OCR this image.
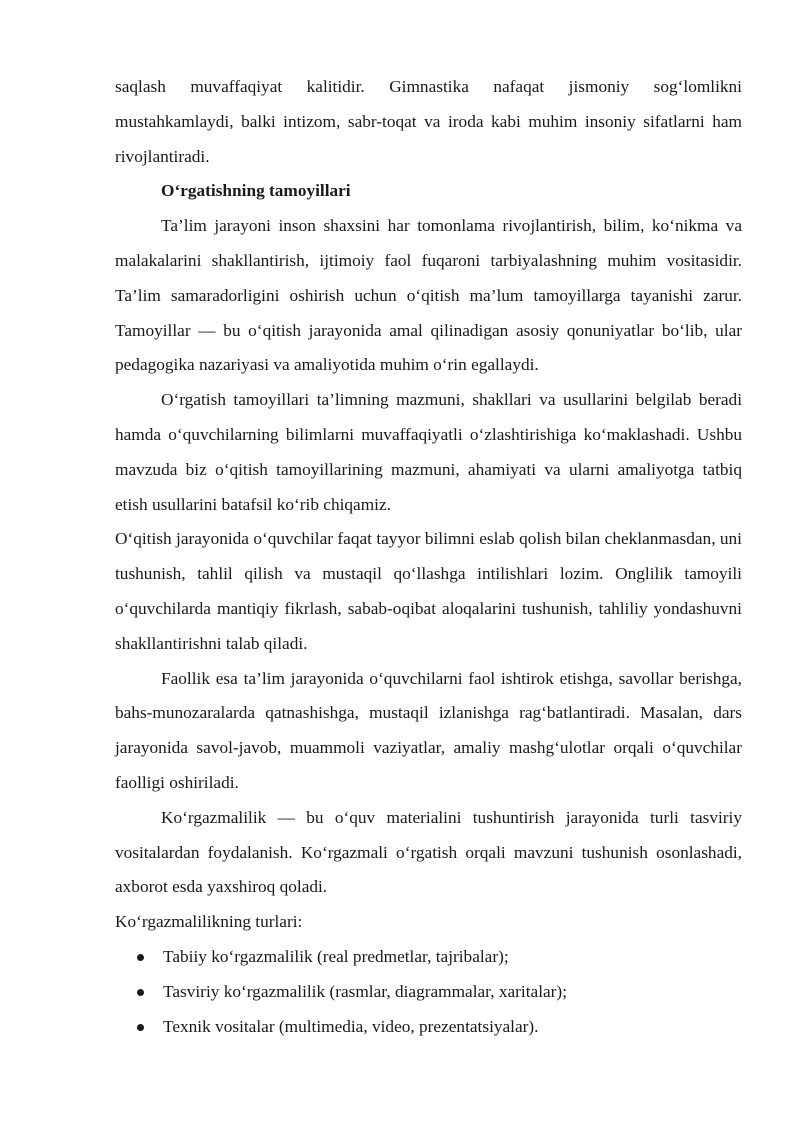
saqlash muvaffaqiyat kalitidir. Gimnastika nafaqat jismoniy sog‘lomlikni mustahkamlaydi, balki intizom, sabr-toqat va iroda kabi muhim insoniy sifatlarni ham rivojlantiradi.

O‘rgatishning tamoyillari

Ta’lim jarayoni inson shaxsini har tomonlama rivojlantirish, bilim, ko‘nikma va malakalarini shakllantirish, ijtimoiy faol fuqaroni tarbiyalashning muhim vositasidir. Ta’lim samaradorligini oshirish uchun o‘qitish ma’lum tamoyillarga tayanishi zarur. Tamoyillar — bu o‘qitish jarayonida amal qilinadigan asosiy qonuniyatlar bo‘lib, ular pedagogika nazariyasi va amaliyotida muhim o‘rin egallaydi.

O‘rgatish tamoyillari ta’limning mazmuni, shakllari va usullarini belgilab beradi hamda o‘quvchilarning bilimlarni muvaffaqiyatli o‘zlashtirishiga ko‘maklashadi. Ushbu mavzuda biz o‘qitish tamoyillarining mazmuni, ahamiyati va ularni amaliyotga tatbiq etish usullarini batafsil ko‘rib chiqamiz.

O‘qitish jarayonida o‘quvchilar faqat tayyor bilimni eslab qolish bilan cheklanmasdan, uni tushunish, tahlil qilish va mustaqil qo‘llashga intilishlari lozim. Onglilik tamoyili o‘quvchilarda mantiqiy fikrlash, sabab-oqibat aloqalarini tushunish, tahliliy yondashuvni shakllantirishni talab qiladi.

Faollik esa ta’lim jarayonida o‘quvchilarni faol ishtirok etishga, savollar berishga, bahs-munozaralarda qatnashishga, mustaqil izlanishga rag‘batlantiradi. Masalan, dars jarayonida savol-javob, muammoli vaziyatlar, amaliy mashg‘ulotlar orqali o‘quvchilar faolligi oshiriladi.

Ko‘rgazmalilik — bu o‘quv materialini tushuntirish jarayonida turli tasviriy vositalardan foydalanish. Ko‘rgazmali o‘rgatish orqali mavzuni tushunish osonlashadi, axborot esda yaxshiroq qoladi.

Ko‘rgazmalilikning turlari:

Tabiiy ko‘rgazmalilik (real predmetlar, tajribalar);
Tasviriy ko‘rgazmalilik (rasmlar, diagrammalar, xaritalar);
Texnik vositalar (multimedia, video, prezentatsiyalar).
